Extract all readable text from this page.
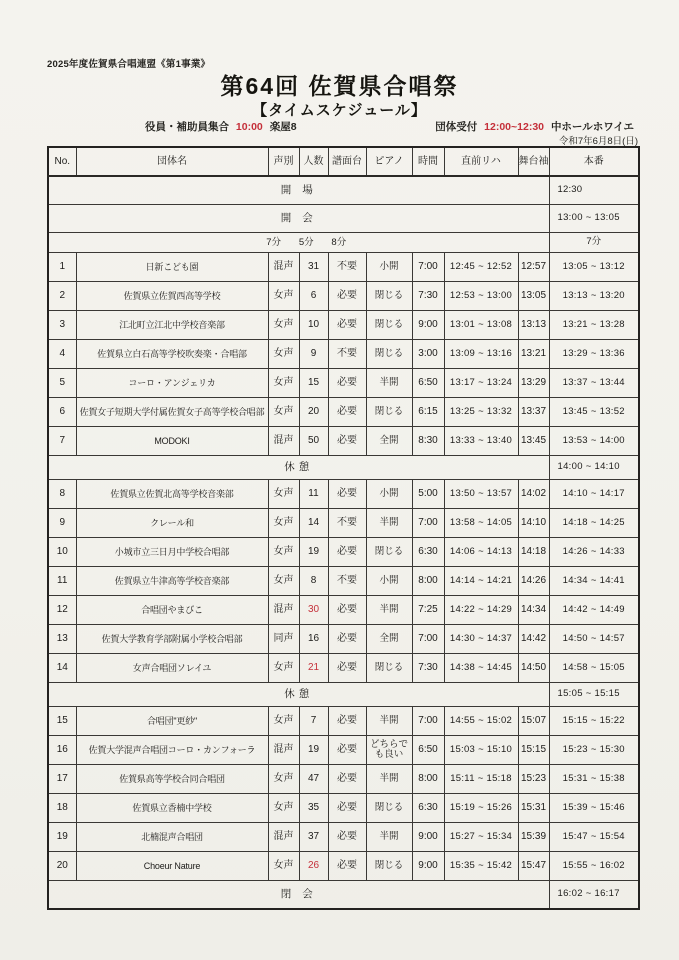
2025年度佐賀県合唱連盟《第1事業》
第64回 佐賀県合唱祭
【タイムスケジュール】
役員・補助員集合 10:00 楽屋8	団体受付 12:00~12:30 中ホールホワイエ
令和7年6月8日(日)
No.	団体名	声別	人数	譜面台	ピアノ	時間	直前リハ	舞台袖	本番
開 場									12:30
開 会									13:00 ~ 13:05
7分 5分 8分									7分
1	日新こども園	混声	31	不要	小開	7:00	12:45 ~ 12:52	12:57	13:05 ~ 13:12
2	佐賀県立佐賀西高等学校	女声	6	必要	閉じる	7:30	12:53 ~ 13:00	13:05	13:13 ~ 13:20
3	江北町立江北中学校音楽部	女声	10	必要	閉じる	9:00	13:01 ~ 13:08	13:13	13:21 ~ 13:28
4	佐賀県立白石高等学校吹奏楽・合唱部	女声	9	不要	閉じる	3:00	13:09 ~ 13:16	13:21	13:29 ~ 13:36
5	コーロ・アンジェリカ	女声	15	必要	半開	6:50	13:17 ~ 13:24	13:29	13:37 ~ 13:44
6	佐賀女子短期大学付属佐賀女子高等学校合唱部	女声	20	必要	閉じる	6:15	13:25 ~ 13:32	13:37	13:45 ~ 13:52
7	MODOKI	混声	50	必要	全開	8:30	13:33 ~ 13:40	13:45	13:53 ~ 14:00
休憩									14:00 ~ 14:10
8	佐賀県立佐賀北高等学校音楽部	女声	11	必要	小開	5:00	13:50 ~ 13:57	14:02	14:10 ~ 14:17
9	クレール和	女声	14	不要	半開	7:00	13:58 ~ 14:05	14:10	14:18 ~ 14:25
10	小城市立三日月中学校合唱部	女声	19	必要	閉じる	6:30	14:06 ~ 14:13	14:18	14:26 ~ 14:33
11	佐賀県立牛津高等学校音楽部	女声	8	不要	小開	8:00	14:14 ~ 14:21	14:26	14:34 ~ 14:41
12	合唱団やまびこ	混声	30	必要	半開	7:25	14:22 ~ 14:29	14:34	14:42 ~ 14:49
13	佐賀大学教育学部附属小学校合唱部	同声	16	必要	全開	7:00	14:30 ~ 14:37	14:42	14:50 ~ 14:57
14	女声合唱団ソレイユ	女声	21	必要	閉じる	7:30	14:38 ~ 14:45	14:50	14:58 ~ 15:05
休憩									15:05 ~ 15:15
15	合唱団"更紗"	女声	7	必要	半開	7:00	14:55 ~ 15:02	15:07	15:15 ~ 15:22
16	佐賀大学混声合唱団コーロ・カンフォーラ	混声	19	必要	どちらでも良い	6:50	15:03 ~ 15:10	15:15	15:23 ~ 15:30
17	佐賀県高等学校合同合唱団	女声	47	必要	半開	8:00	15:11 ~ 15:18	15:23	15:31 ~ 15:38
18	佐賀県立香楠中学校	女声	35	必要	閉じる	6:30	15:19 ~ 15:26	15:31	15:39 ~ 15:46
19	北楠混声合唱団	混声	37	必要	半開	9:00	15:27 ~ 15:34	15:39	15:47 ~ 15:54
20	Choeur Nature	女声	26	必要	閉じる	9:00	15:35 ~ 15:42	15:47	15:55 ~ 16:02
閉 会									16:02 ~ 16:17
